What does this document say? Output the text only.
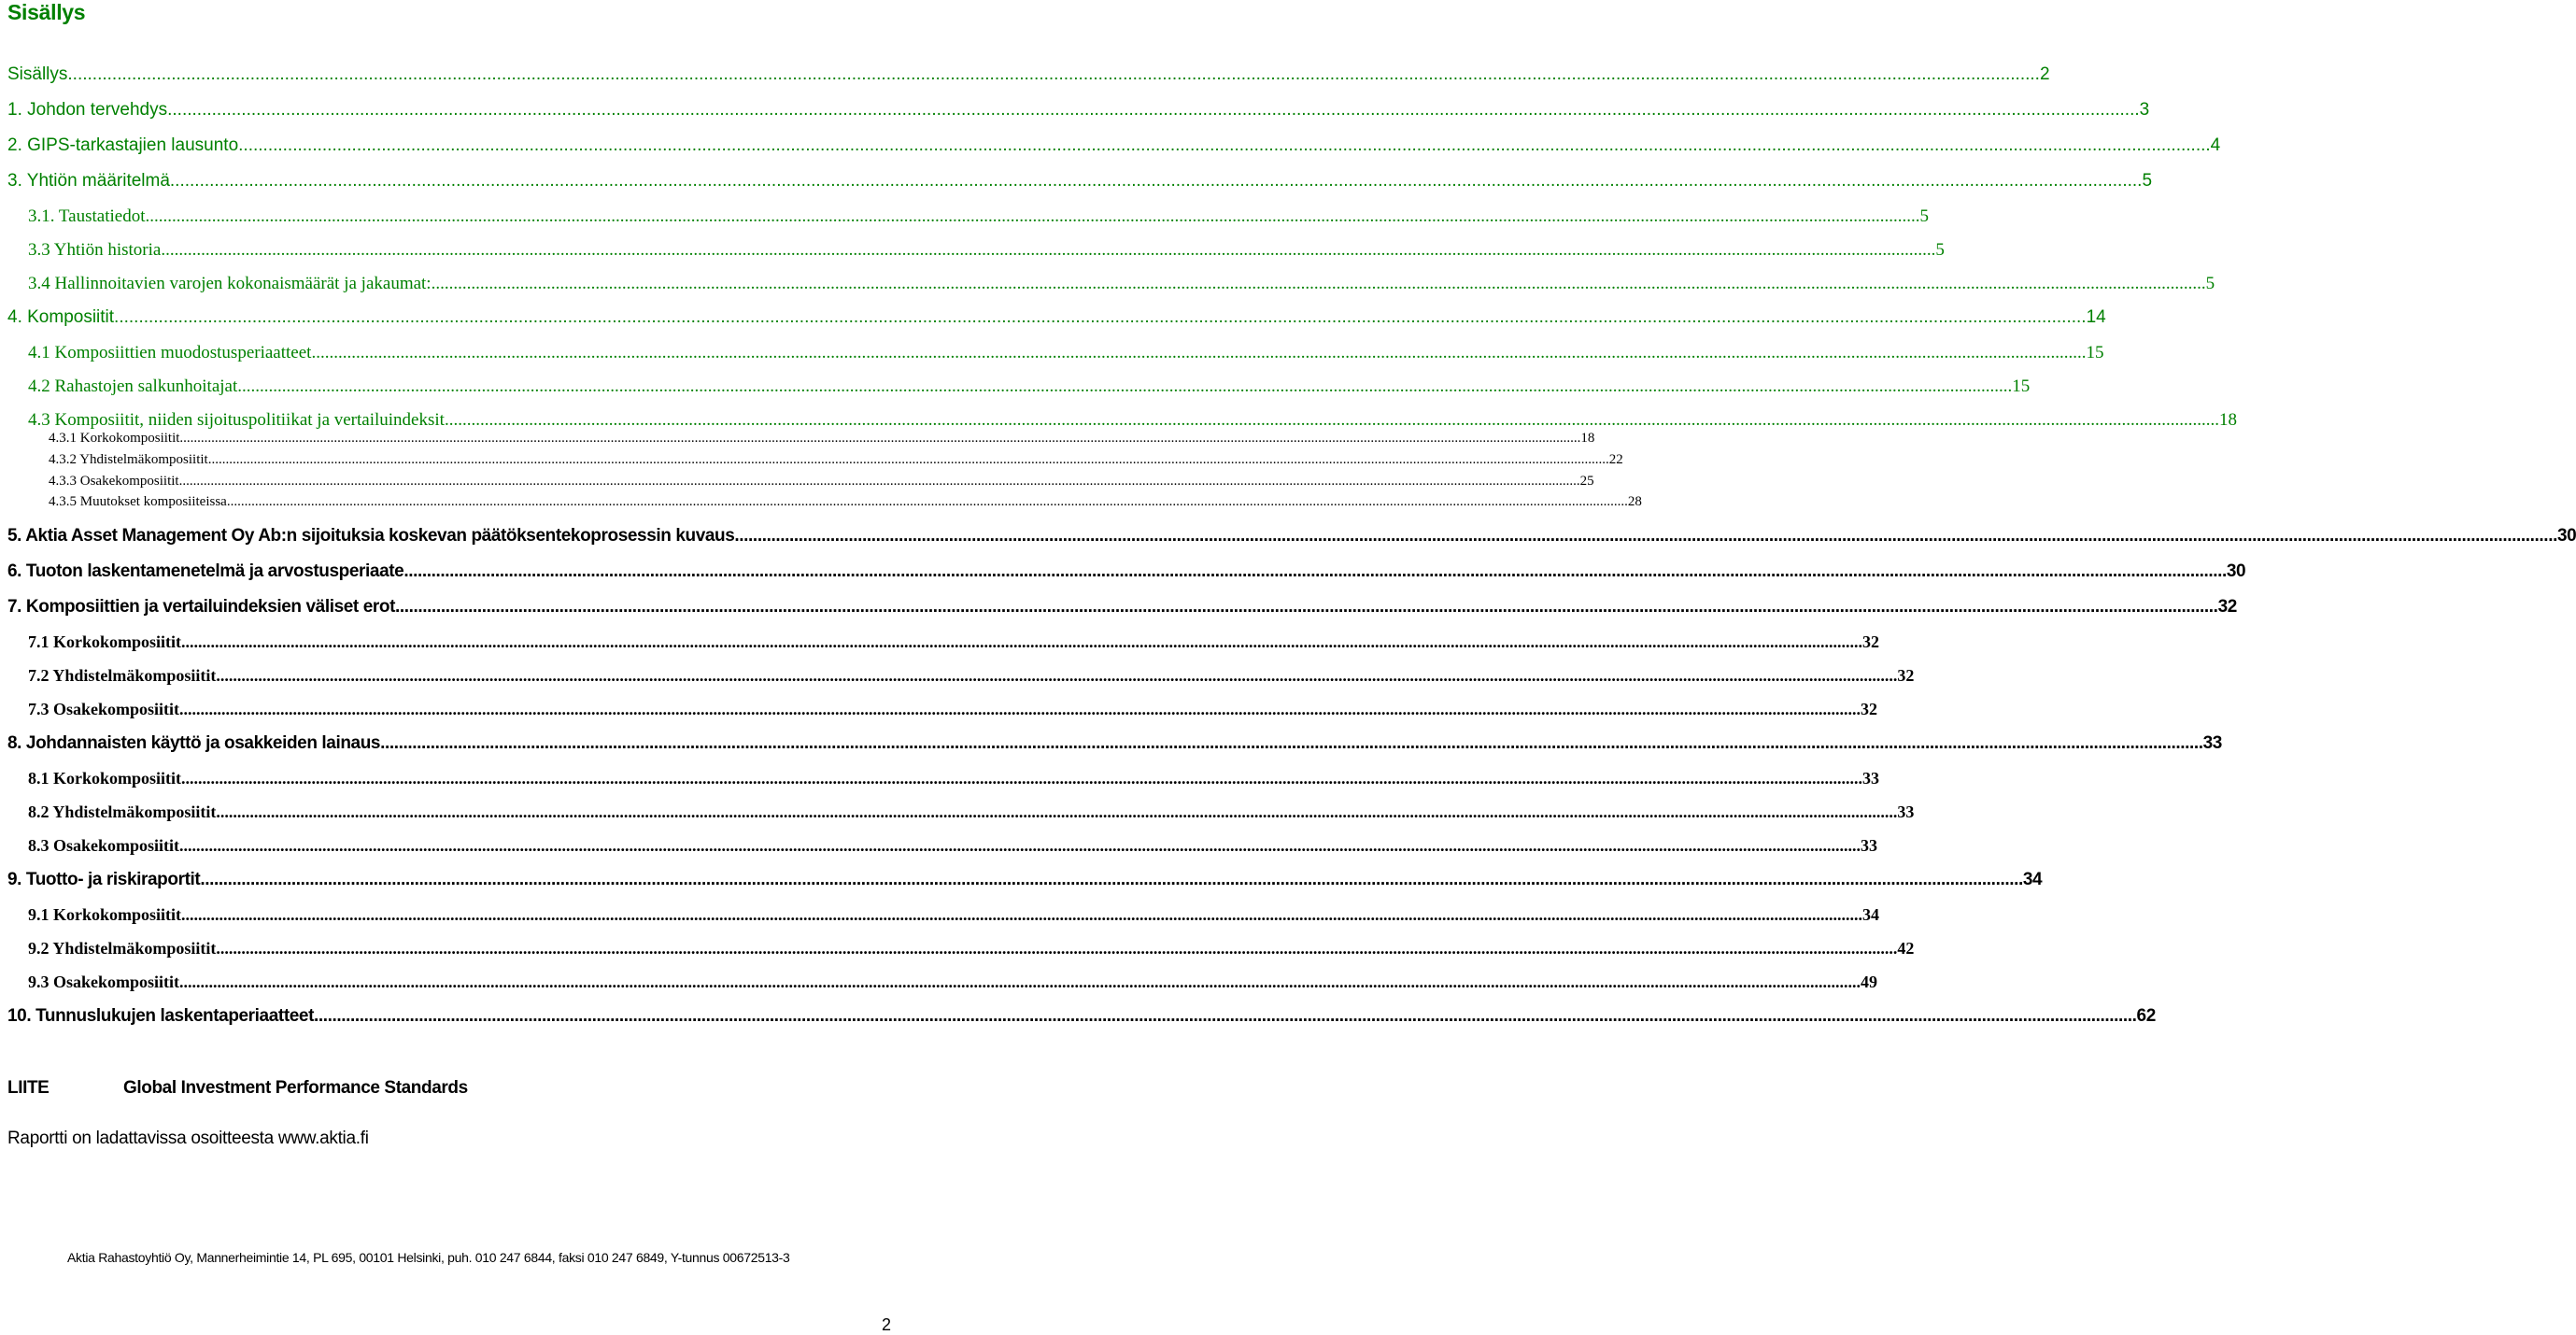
Sisällys
Sisällys ................................................................................................................................................................................................................................................................................................................................................................................................................ 2
1. Johdon tervehdys ................................................................................................................................................................................................................................................................................................................................................................................................................ 3
2. GIPS-tarkastajien lausunto ................................................................................................................................................................................................................................................................................................................................................................................................................ 4
3. Yhtiön määritelmä ................................................................................................................................................................................................................................................................................................................................................................................................................ 5
3.1. Taustatiedot ................................................................................................................................................................................................................................................................................................................................................................................................................ 5
3.3 Yhtiön historia ................................................................................................................................................................................................................................................................................................................................................................................................................ 5
3.4 Hallinnoitavien varojen kokonaismäärät ja jakaumat: ................................................................................................................................................................................................................................................................................................................................................................................................................ 5
4. Komposiitit ................................................................................................................................................................................................................................................................................................................................................................................................................ 14
4.1 Komposiittien muodostusperiaatteet ................................................................................................................................................................................................................................................................................................................................................................................................................ 15
4.2 Rahastojen salkunhoitajat ................................................................................................................................................................................................................................................................................................................................................................................................................ 15
4.3 Komposiitit, niiden sijoituspolitiikat ja vertailuindeksit ................................................................................................................................................................................................................................................................................................................................................................................................................ 18
4.3.1 Korkokomposiitit ................................................................................................................................................................................................................................................................................................................................................................................................................ 18
4.3.2 Yhdistelmäkomposiitit ................................................................................................................................................................................................................................................................................................................................................................................................................ 22
4.3.3 Osakekomposiitit ................................................................................................................................................................................................................................................................................................................................................................................................................ 25
4.3.5 Muutokset komposiiteissa ................................................................................................................................................................................................................................................................................................................................................................................................................ 28
5. Aktia Asset Management Oy Ab:n sijoituksia koskevan päätöksentekoprosessin kuvaus ................................................................................................................................................................................................................................................................................................................................................................................................................ 30
6. Tuoton laskentamenetelmä ja arvostusperiaate ................................................................................................................................................................................................................................................................................................................................................................................................................ 30
7. Komposiittien ja vertailuindeksien väliset erot ................................................................................................................................................................................................................................................................................................................................................................................................................ 32
7.1 Korkokomposiitit ................................................................................................................................................................................................................................................................................................................................................................................................................ 32
7.2 Yhdistelmäkomposiitit ................................................................................................................................................................................................................................................................................................................................................................................................................ 32
7.3 Osakekomposiitit ................................................................................................................................................................................................................................................................................................................................................................................................................ 32
8. Johdannaisten käyttö ja osakkeiden lainaus ................................................................................................................................................................................................................................................................................................................................................................................................................ 33
8.1 Korkokomposiitit ................................................................................................................................................................................................................................................................................................................................................................................................................ 33
8.2 Yhdistelmäkomposiitit ................................................................................................................................................................................................................................................................................................................................................................................................................ 33
8.3 Osakekomposiitit ................................................................................................................................................................................................................................................................................................................................................................................................................ 33
9. Tuotto- ja riskiraportit ................................................................................................................................................................................................................................................................................................................................................................................................................ 34
9.1 Korkokomposiitit ................................................................................................................................................................................................................................................................................................................................................................................................................ 34
9.2 Yhdistelmäkomposiitit ................................................................................................................................................................................................................................................................................................................................................................................................................ 42
9.3 Osakekomposiitit ................................................................................................................................................................................................................................................................................................................................................................................................................ 49
10. Tunnuslukujen laskentaperiaatteet ................................................................................................................................................................................................................................................................................................................................................................................................................ 62
LIITE	Global Investment Performance Standards
Raportti on ladattavissa osoitteesta www.aktia.fi
Aktia Rahastoyhtiö Oy, Mannerheimintie 14, PL 695, 00101 Helsinki, puh. 010 247 6844, faksi 010 247 6849, Y-tunnus 00672513-3
2
